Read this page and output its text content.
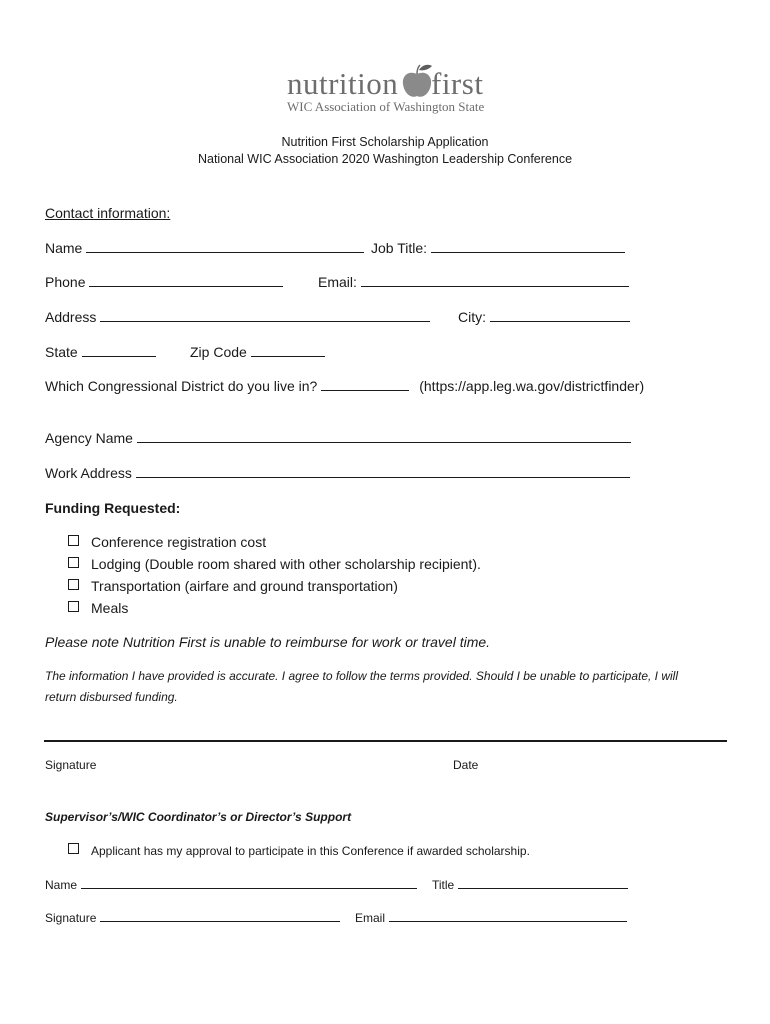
nutrition first
WIC Association of Washington State
Nutrition First Scholarship Application
National WIC Association 2020 Washington Leadership Conference
Contact information:
Name	Job Title:
Phone	Email:
Address	City:
State	Zip Code
Which Congressional District do you live in?	(https://app.leg.wa.gov/districtfinder)
Agency Name
Work Address
Funding Requested:
Conference registration cost
Lodging (Double room shared with other scholarship recipient).
Transportation (airfare and ground transportation)
Meals
Please note Nutrition First is unable to reimburse for work or travel time.
The information I have provided is accurate. I agree to follow the terms provided. Should I be unable to participate, I will
return disbursed funding.
Signature	Date
Supervisor’s/WIC Coordinator’s or Director’s Support
Applicant has my approval to participate in this Conference if awarded scholarship.
Name	Title
Signature	Email
